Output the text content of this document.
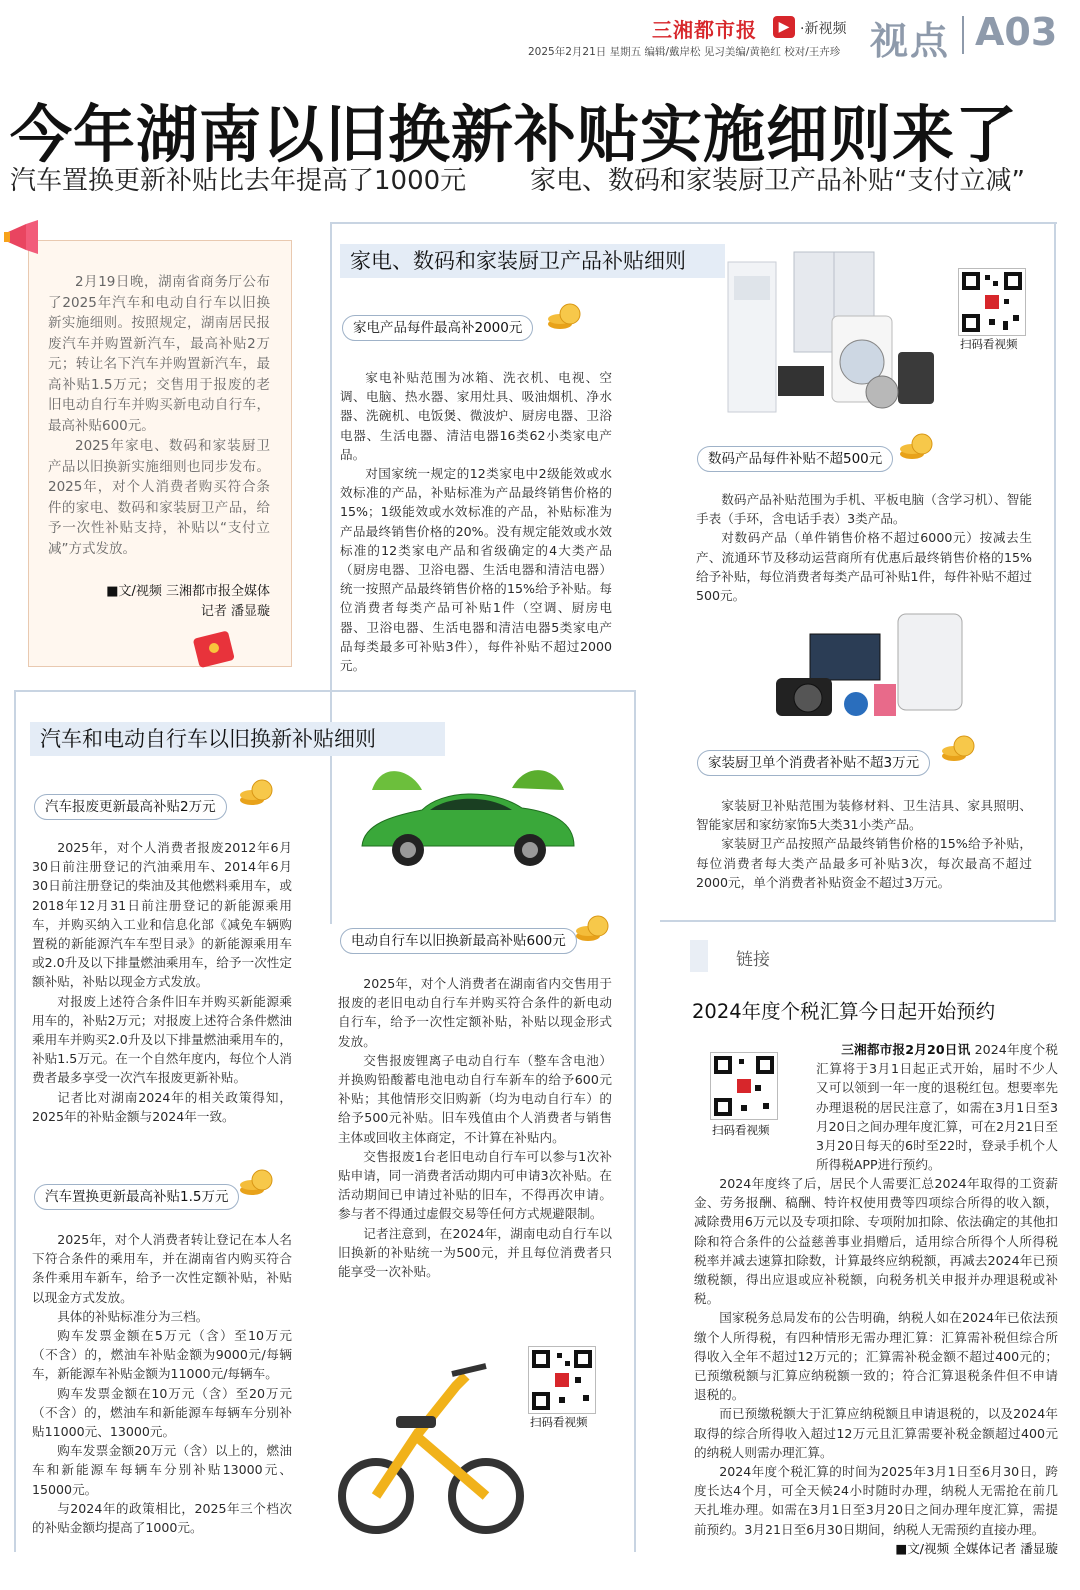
三湘都市报	▶ ·新视频 视点 A03
2025年2月21日 星期五 编辑/戴岸松 见习美编/黄艳红 校对/王卉珍
今年湖南以旧换新补贴实施细则来了
汽车置换更新补贴比去年提高了1000元 家电、数码和家装厨卫产品补贴“支付立减”

2月19日晚，湖南省商务厅公布了2025年汽车和电动自行车以旧换新实施细则。按照规定，湖南居民报废汽车并购置新汽车，最高补贴2万元；转让名下汽车并购置新汽车，最高补贴1.5万元；交售用于报废的老旧电动自行车并购买新电动自行车，最高补贴600元。

2025年家电、数码和家装厨卫产品以旧换新实施细则也同步发布。2025年，对个人消费者购买符合条件的家电、数码和家装厨卫产品，给予一次性补贴支持，补贴以“支付立减”方式发放。

■文/视频 三湘都市报全媒体
记者 潘显璇
家电、数码和家装厨卫产品补贴细则
扫码看视频
家电产品每件最高补2000元

家电补贴范围为冰箱、洗衣机、电视、空调、电脑、热水器、家用灶具、吸油烟机、净水器、洗碗机、电饭煲、微波炉、厨房电器、卫浴电器、生活电器、清洁电器16类62小类家电产品。

对国家统一规定的12类家电中2级能效或水效标准的产品，补贴标准为产品最终销售价格的15%；1级能效或水效标准的产品，补贴标准为产品最终销售价格的20%。没有规定能效或水效标准的12类家电产品和省级确定的4大类产品（厨房电器、卫浴电器、生活电器和清洁电器）统一按照产品最终销售价格的15%给予补贴。每位消费者每类产品可补贴1件（空调、厨房电器、卫浴电器、生活电器和清洁电器5类家电产品每类最多可补贴3件），每件补贴不超过2000元。

数码产品每件补贴不超500元

数码产品补贴范围为手机、平板电脑（含学习机）、智能手表（手环，含电话手表）3类产品。

对数码产品（单件销售价格不超过6000元）按减去生产、流通环节及移动运营商所有优惠后最终销售价格的15%给予补贴，每位消费者每类产品可补贴1件，每件补贴不超过500元。

家装厨卫单个消费者补贴不超3万元

家装厨卫补贴范围为装修材料、卫生洁具、家具照明、智能家居和家纺家饰5大类31小类产品。

家装厨卫产品按照产品最终销售价格的15%给予补贴，每位消费者每大类产品最多可补贴3次，每次最高不超过2000元，单个消费者补贴资金不超过3万元。

汽车和电动自行车以旧换新补贴细则
汽车报废更新最高补贴2万元

2025年，对个人消费者报废2012年6月30日前注册登记的汽油乘用车、2014年6月30日前注册登记的柴油及其他燃料乘用车，或2018年12月31日前注册登记的新能源乘用车，并购买纳入工业和信息化部《减免车辆购置税的新能源汽车车型目录》的新能源乘用车或2.0升及以下排量燃油乘用车，给予一次性定额补贴，补贴以现金方式发放。

对报废上述符合条件旧车并购买新能源乘用车的，补贴2万元；对报废上述符合条件燃油乘用车并购买2.0升及以下排量燃油乘用车的，补贴1.5万元。在一个自然年度内，每位个人消费者最多享受一次汽车报废更新补贴。

记者比对湖南2024年的相关政策得知，2025年的补贴金额与2024年一致。

汽车置换更新最高补贴1.5万元

2025年，对个人消费者转让登记在本人名下符合条件的乘用车，并在湖南省内购买符合条件乘用车新车，给予一次性定额补贴，补贴以现金方式发放。

具体的补贴标准分为三档。

购车发票金额在5万元（含）至10万元（不含）的，燃油车补贴金额为9000元/每辆车，新能源车补贴金额为11000元/每辆车。

购车发票金额在10万元（含）至20万元（不含）的，燃油车和新能源车每辆车分别补贴11000元、13000元。

购车发票金额20万元（含）以上的，燃油车和新能源车每辆车分别补贴13000元、15000元。

与2024年的政策相比，2025年三个档次的补贴金额均提高了1000元。

电动自行车以旧换新最高补贴600元

2025年，对个人消费者在湖南省内交售用于报废的老旧电动自行车并购买符合条件的新电动自行车，给予一次性定额补贴，补贴以现金形式发放。

交售报废锂离子电动自行车（整车含电池）并换购铅酸蓄电池电动自行车新车的给予600元补贴；其他情形交旧购新（均为电动自行车）的给予500元补贴。旧车残值由个人消费者与销售主体或回收主体商定，不计算在补贴内。

交售报废1台老旧电动自行车可以参与1次补贴申请，同一消费者活动期内可申请3次补贴。在活动期间已申请过补贴的旧车，不得再次申请。参与者不得通过虚假交易等任何方式规避限制。

记者注意到，在2024年，湖南电动自行车以旧换新的补贴统一为500元，并且每位消费者只能享受一次补贴。

扫码看视频
链接
2024年度个税汇算今日起开始预约
扫码看视频

三湘都市报2月20日讯 2024年度个税汇算将于3月1日起正式开始，届时不少人又可以领到一年一度的退税红包。想要率先办理退税的居民注意了，如需在3月1日至3月20日之间办理年度汇算，可在2月21日至3月20日每天的6时至22时，登录手机个人所得税APP进行预约。

2024年度终了后，居民个人需要汇总2024年取得的工资薪金、劳务报酬、稿酬、特许权使用费等四项综合所得的收入额，减除费用6万元以及专项扣除、专项附加扣除、依法确定的其他扣除和符合条件的公益慈善事业捐赠后，适用综合所得个人所得税税率并减去速算扣除数，计算最终应纳税额，再减去2024年已预缴税额，得出应退或应补税额，向税务机关申报并办理退税或补税。

国家税务总局发布的公告明确，纳税人如在2024年已依法预缴个人所得税，有四种情形无需办理汇算：汇算需补税但综合所得收入全年不超过12万元的；汇算需补税金额不超过400元的；已预缴税额与汇算应纳税额一致的；符合汇算退税条件但不申请退税的。

而已预缴税额大于汇算应纳税额且申请退税的，以及2024年取得的综合所得收入超过12万元且汇算需要补税金额超过400元的纳税人则需办理汇算。

2024年度个税汇算的时间为2025年3月1日至6月30日，跨度长达4个月，可全天候24小时随时办理，纳税人无需抢在前几天扎堆办理。如需在3月1日至3月20日之间办理年度汇算，需提前预约。3月21日至6月30日期间，纳税人无需预约直接办理。

■文/视频 全媒体记者 潘显璇
